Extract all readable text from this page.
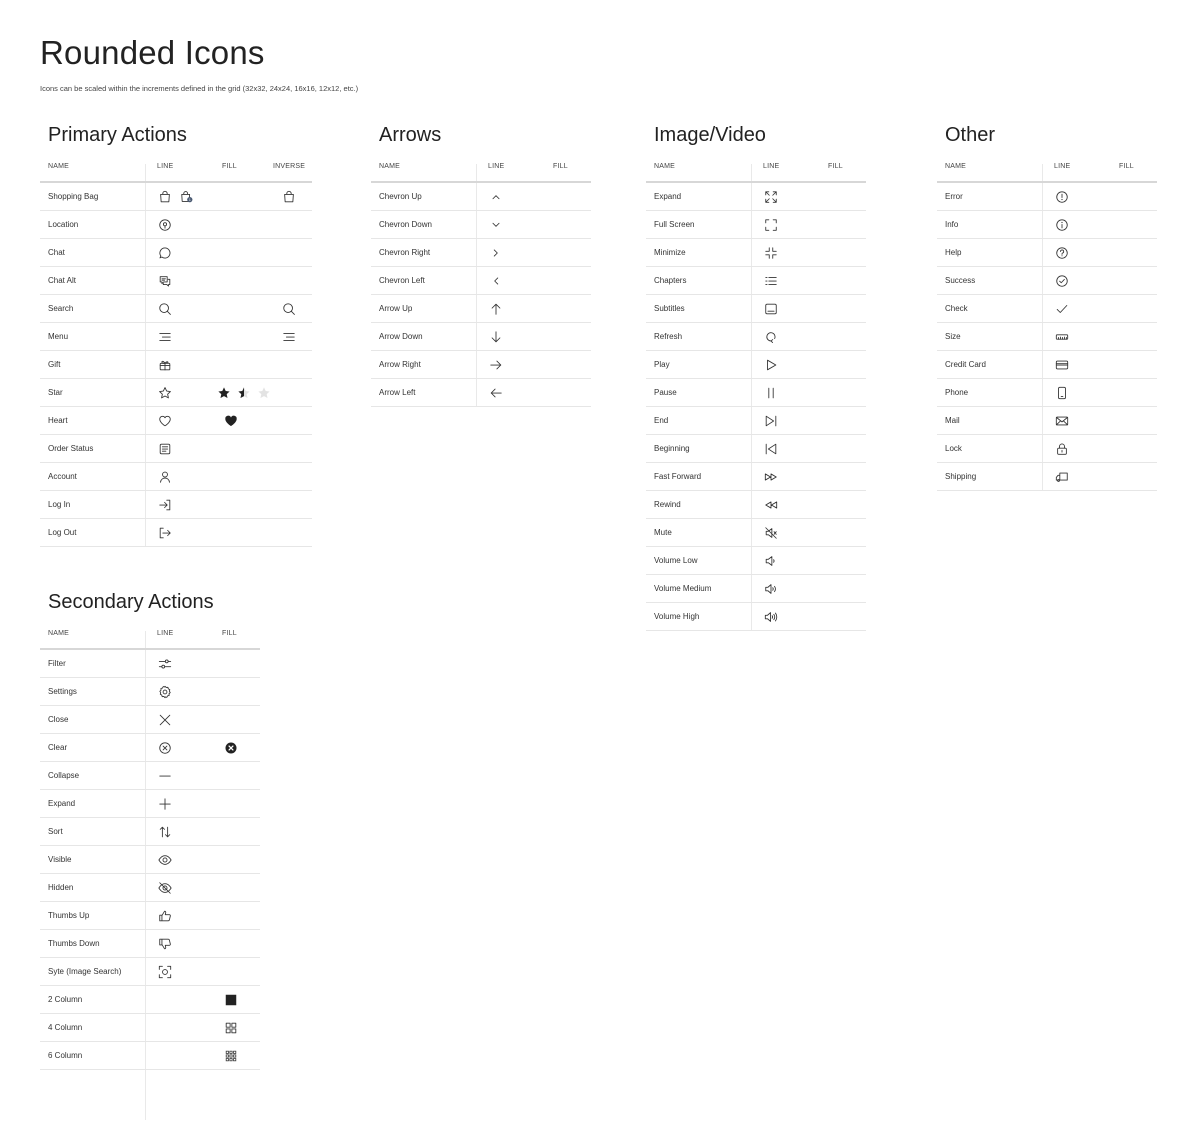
Rounded Icons

Icons can be scaled within the increments defined in the grid (32x32, 24x24, 16x16, 12x12, etc.)

Primary Actions
NAME	LINE	FILL	INVERSE
Shopping Bag	1
Location
Chat
Chat Alt
Search
Menu
Gift
Star
Heart
Order Status
Account
Log In
Log Out
Arrows
NAME	LINE	FILL
Chevron Up
Chevron Down
Chevron Right
Chevron Left
Arrow Up
Arrow Down
Arrow Right
Arrow Left
Image/Video
NAME	LINE	FILL
Expand
Full Screen
Minimize
Chapters
Subtitles
Refresh
Play
Pause
End
Beginning
Fast Forward
Rewind
Mute
Volume Low
Volume Medium
Volume High
Other
NAME	LINE	FILL
Error
Info
Help
Success
Check
Size
Credit Card
Phone
Mail
Lock
Shipping
Secondary Actions
NAME	LINE	FILL
Filter
Settings
Close
Clear
Collapse
Expand
Sort
Visible
Hidden
Thumbs Up
Thumbs Down
Syte (Image Search)
2 Column
4 Column
6 Column
